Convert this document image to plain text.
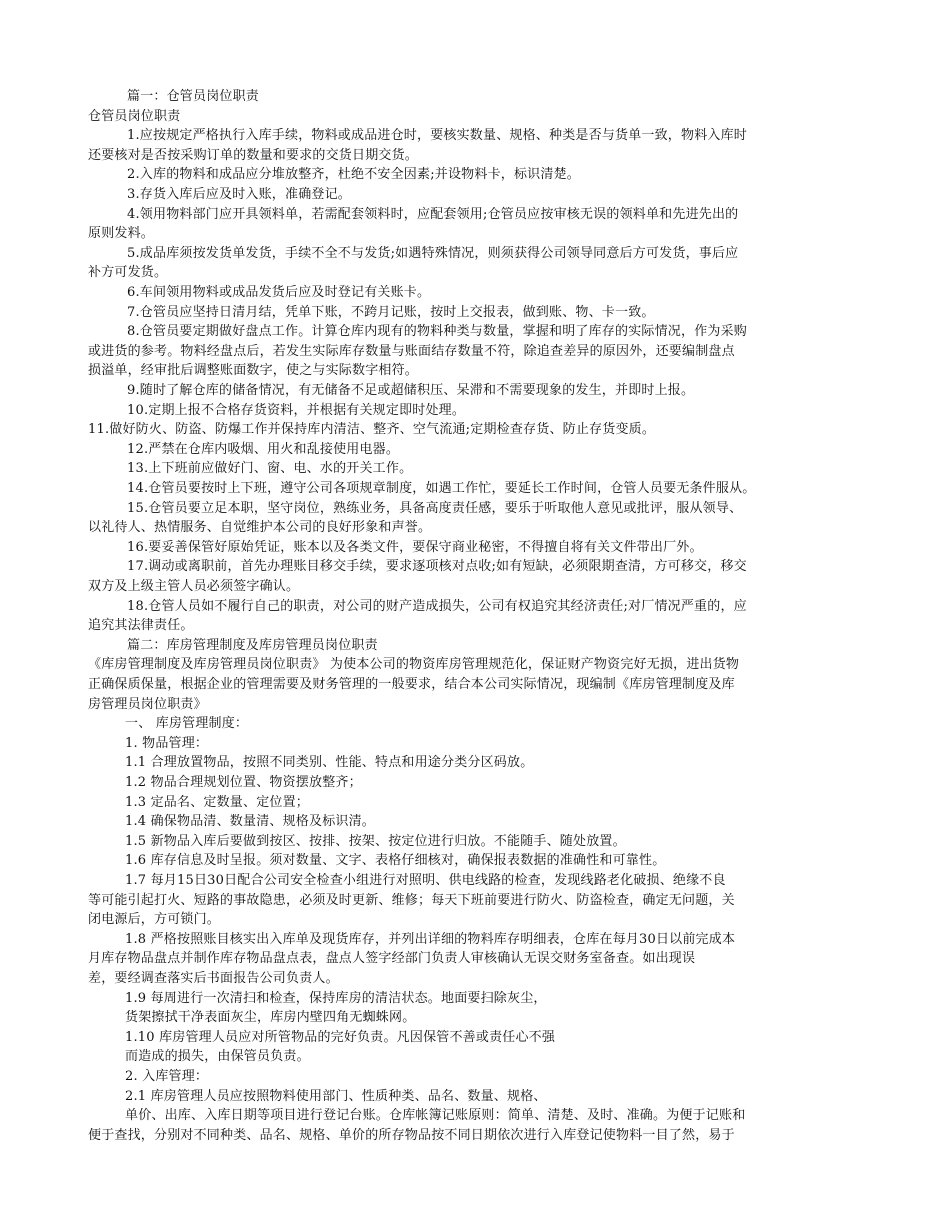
篇一：仓管员岗位职责
仓管员岗位职责
1.应按规定严格执行入库手续，物料或成品进仓时，要核实数量、规格、种类是否与货单一致，物料入库时
还要核对是否按采购订单的数量和要求的交货日期交货。
2.入库的物料和成品应分堆放整齐，杜绝不安全因素;并设物料卡，标识清楚。
3.存货入库后应及时入账，准确登记。
4.领用物料部门应开具领料单，若需配套领料时，应配套领用;仓管员应按审核无误的领料单和先进先出的
原则发料。
5.成品库须按发货单发货，手续不全不与发货;如遇特殊情况，则须获得公司领导同意后方可发货，事后应
补方可发货。
6.车间领用物料或成品发货后应及时登记有关账卡。
7.仓管员应坚持日清月结，凭单下账，不跨月记账，按时上交报表，做到账、物、卡一致。
8.仓管员要定期做好盘点工作。计算仓库内现有的物料种类与数量，掌握和明了库存的实际情况，作为采购
或进货的参考。物料经盘点后，若发生实际库存数量与账面结存数量不符，除追查差异的原因外，还要编制盘点
损溢单，经审批后调整账面数字，使之与实际数字相符。
9.随时了解仓库的储备情况，有无储备不足或超储积压、呆滞和不需要现象的发生，并即时上报。
10.定期上报不合格存货资料，并根据有关规定即时处理。
11.做好防火、防盗、防爆工作并保持库内清洁、整齐、空气流通;定期检查存货、防止存货变质。
12.严禁在仓库内吸烟、用火和乱接使用电器。
13.上下班前应做好门、窗、电、水的开关工作。
14.仓管员要按时上下班，遵守公司各项规章制度，如遇工作忙，要延长工作时间，仓管人员要无条件服从。
15.仓管员要立足本职，坚守岗位，熟练业务，具备高度责任感，要乐于听取他人意见或批评，服从领导、
以礼待人、热情服务、自觉维护本公司的良好形象和声誉。
16.要妥善保管好原始凭证，账本以及各类文件，要保守商业秘密，不得擅自将有关文件带出厂外。
17.调动或离职前，首先办理账目移交手续，要求逐项核对点收;如有短缺，必须限期查清，方可移交，移交
双方及上级主管人员必须签字确认。
18.仓管人员如不履行自己的职责，对公司的财产造成损失，公司有权追究其经济责任;对厂情况严重的，应
追究其法律责任。
篇二：库房管理制度及库房管理员岗位职责
《库房管理制度及库房管理员岗位职责》 为使本公司的物资库房管理规范化，保证财产物资完好无损，进出货物
正确保质保量，根据企业的管理需要及财务管理的一般要求，结合本公司实际情况，现编制《库房管理制度及库
房管理员岗位职责》
一、 库房管理制度：
1. 物品管理：
1.1 合理放置物品，按照不同类别、性能、特点和用途分类分区码放。
1.2 物品合理规划位置、物资摆放整齐；
1.3 定品名、定数量、定位置；
1.4 确保物品清、数量清、规格及标识清。
1.5 新物品入库后要做到按区、按排、按架、按定位进行归放。不能随手、随处放置。
1.6 库存信息及时呈报。须对数量、文字、表格仔细核对，确保报表数据的准确性和可靠性。
1.7 每月15日30日配合公司安全检查小组进行对照明、供电线路的检查，发现线路老化破损、绝缘不良
等可能引起打火、短路的事故隐患，必须及时更新、维修；每天下班前要进行防火、防盗检查，确定无问题，关
闭电源后，方可锁门。
1.8 严格按照账目核实出入库单及现货库存，并列出详细的物料库存明细表，仓库在每月30日以前完成本
月库存物品盘点并制作库存物品盘点表，盘点人签字经部门负责人审核确认无误交财务室备查。如出现误
差，要经调查落实后书面报告公司负责人。
1.9 每周进行一次清扫和检查，保持库房的清洁状态。地面要扫除灰尘，
货架擦拭干净表面灰尘，库房内壁四角无蜘蛛网。
1.10 库房管理人员应对所管物品的完好负责。凡因保管不善或责任心不强
而造成的损失，由保管员负责。
2. 入库管理：
2.1 库房管理人员应按照物料使用部门、性质种类、品名、数量、规格、
单价、出库、入库日期等项目进行登记台账。仓库帐簿记账原则：简单、清楚、及时、准确。为便于记账和
便于查找，分别对不同种类、品名、规格、单价的所存物品按不同日期依次进行入库登记使物料一目了然，易于
